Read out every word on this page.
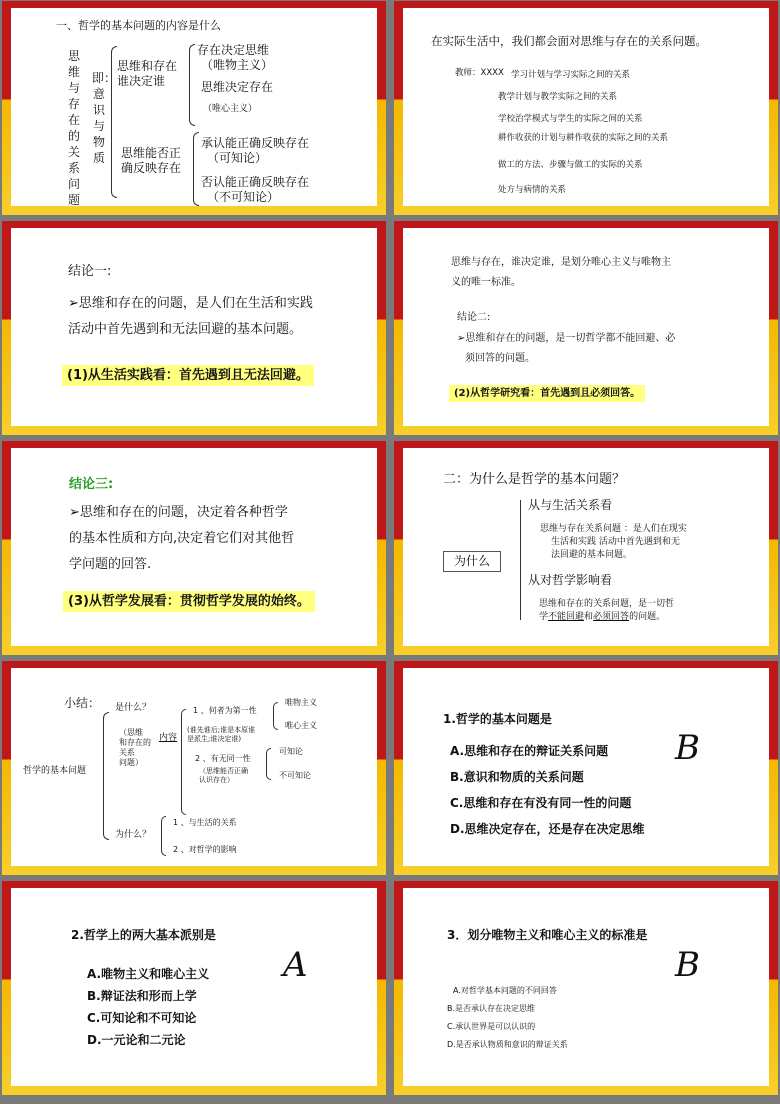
一、哲学的基本问题的内容是什么
思维与存在的关系问题
即：意识与物质
思维和存在
谁决定谁
存在决定思维
（唯物主义）
思维决定存在
（唯心主义）
思维能否正
确反映存在
承认能正确反映存在
（可知论）
否认能正确反映存在
（不可知论）
在实际生活中，我们都会面对思维与存在的关系问题。
教师：XXXX 学习计划与学习实际之间的关系
教学计划与教学实际之间的关系
学校治学模式与学生的实际之间的关系
耕作收获的计划与耕作收获的实际之间的关系
做工的方法、步骤与做工的实际的关系
处方与病情的关系
结论一:
➢思维和存在的问题，是人们在生活和实践
活动中首先遇到和无法回避的基本问题。
(1)从生活实践看：首先遇到且无法回避。
思维与存在，谁决定谁，是划分唯心主义与唯物主
义的唯一标准。
结论二:
➢思维和存在的问题，是一切哲学都不能回避、必
须回答的问题。
(2)从哲学研究看：首先遇到且必须回答。
结论三:
➢思维和存在的问题，决定着各种哲学
的基本性质和方向,决定着它们对其他哲
学问题的回答.
(3)从哲学发展看：贯彻哲学发展的始终。
二：为什么是哲学的基本问题？
为什么
从与生活关系看
思维与存在关系问题 ：是人们在现实
生活和实践 活动中首先遇到和无
法回避的基本问题。
从对哲学影响看
思维和存在的关系问题，是一切哲
学不能回避和必须回答的问题。
小结：
哲学的基本问题
是什么？
（思维
和存在的
关系
问题）
内容
1 、何者为第一性
(谁先谁后;谁是本原谁
是派生;谁决定谁)
唯物主义
唯心主义
2 、有无同一性
（思维能否正确
认识存在）
可知论
不可知论
为什么？
1 、与生活的关系
2 、对哲学的影响
1.哲学的基本问题是
A.思维和存在的辩证关系问题
B.意识和物质的关系问题
C.思维和存在有没有同一性的问题
D.思维决定存在，还是存在决定思维
B
2.哲学上的两大基本派别是
A.唯物主义和唯心主义
B.辩证法和形而上学
C.可知论和不可知论
D.一元论和二元论
A
3．划分唯物主义和唯心主义的标准是
A.对哲学基本问题的不同回答
B.是否承认存在决定思维
C.承认世界是可以认识的
D.是否承认物质和意识的辩证关系
B
